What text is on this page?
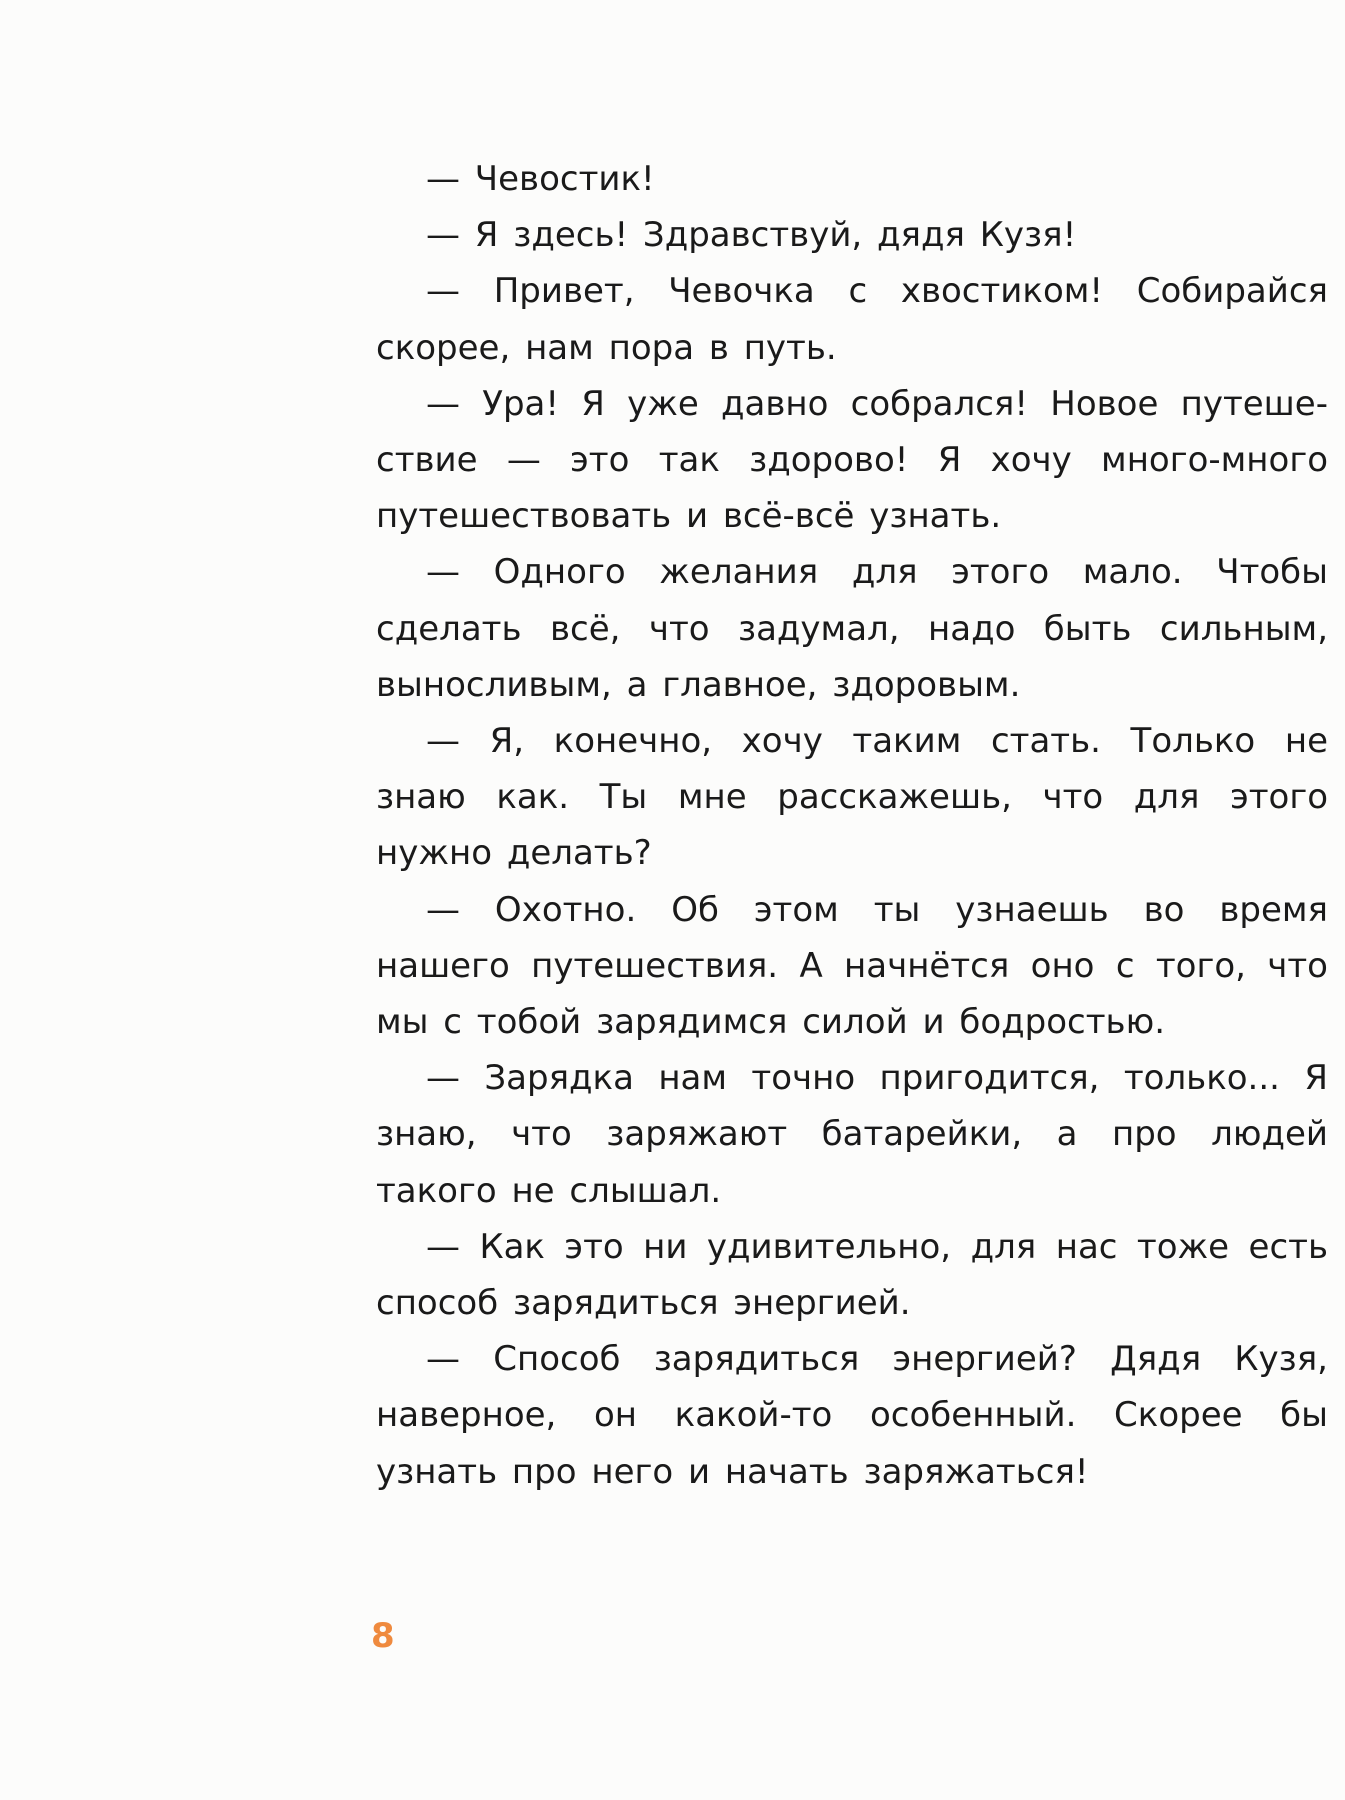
— Чевостик!

— Я здесь! Здравствуй, дядя Кузя!

— Привет, Чевочка с хвостиком! Собирайся скорее, нам пора в путь.

— Ура! Я уже давно собрался! Новое путешествие — это так здорово! Я хочу много-много путешествовать и всё-всё узнать.

— Одного желания для этого мало. Чтобы сделать всё, что задумал, надо быть сильным, выносливым, а главное, здоровым.

— Я, конечно, хочу таким стать. Только не знаю как. Ты мне расскажешь, что для этого нужно делать?

— Охотно. Об этом ты узнаешь во время нашего путешествия. А начнётся оно с того, что мы с тобой зарядимся силой и бодростью.

— Зарядка нам точно пригодится, только... Я знаю, что заряжают батарейки, а про людей такого не слышал.

— Как это ни удивительно, для нас тоже есть способ зарядиться энергией.

— Способ зарядиться энергией? Дядя Кузя, наверное, он какой-то особенный. Скорее бы узнать про него и начать заряжаться!

8
